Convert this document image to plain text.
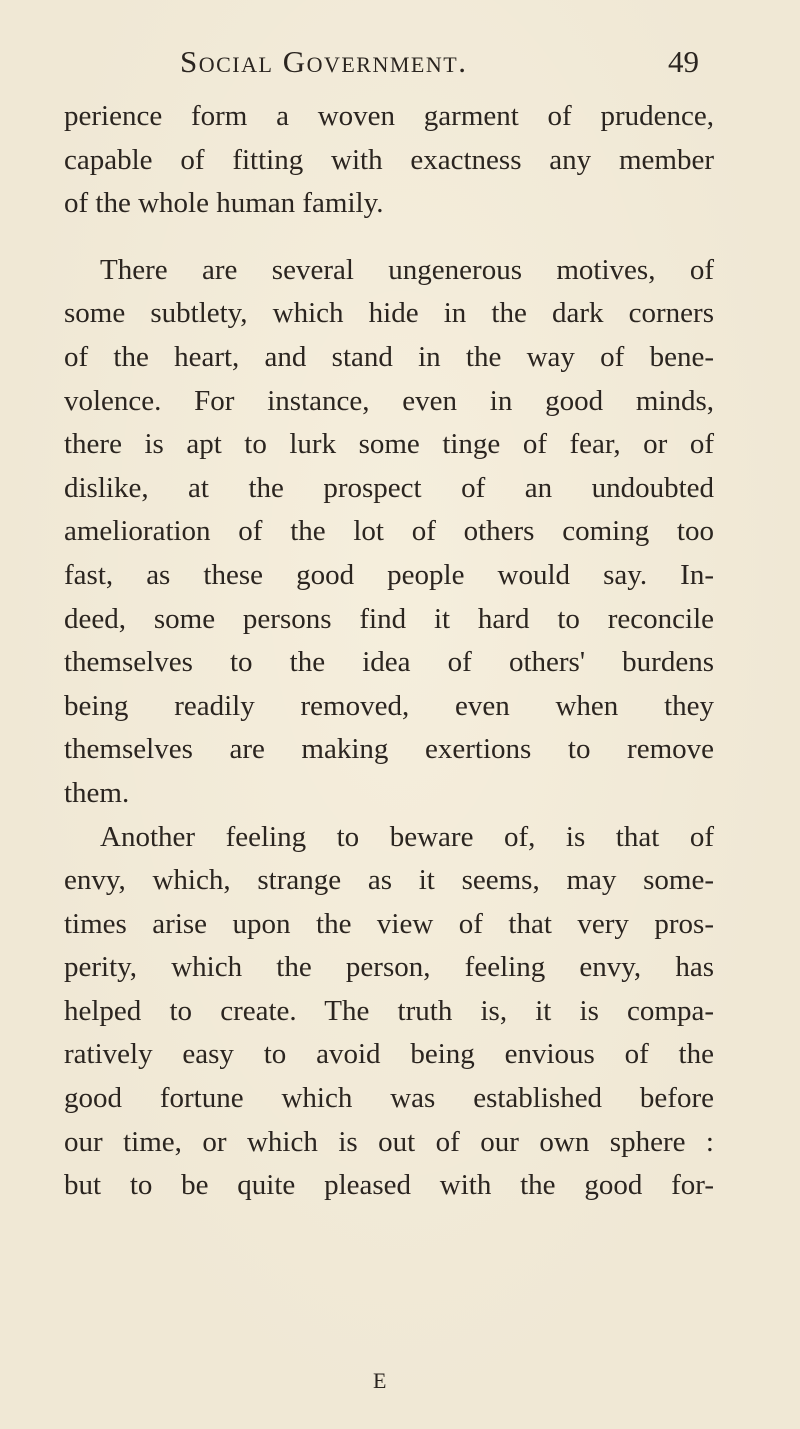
Social Government.	49
perience form a woven garment of prudence,
capable of fitting with exactness any member
of the whole human family.
There are several ungenerous motives, of
some subtlety, which hide in the dark corners
of the heart, and stand in the way of bene-
volence. For instance, even in good minds,
there is apt to lurk some tinge of fear, or of
dislike, at the prospect of an undoubted
amelioration of the lot of others coming too
fast, as these good people would say. In-
deed, some persons find it hard to reconcile
themselves to the idea of others' burdens
being readily removed, even when they
themselves are making exertions to remove
them.
Another feeling to beware of, is that of
envy, which, strange as it seems, may some-
times arise upon the view of that very pros-
perity, which the person, feeling envy, has
helped to create. The truth is, it is compa-
ratively easy to avoid being envious of the
good fortune which was established before
our time, or which is out of our own sphere :
but to be quite pleased with the good for-
E
